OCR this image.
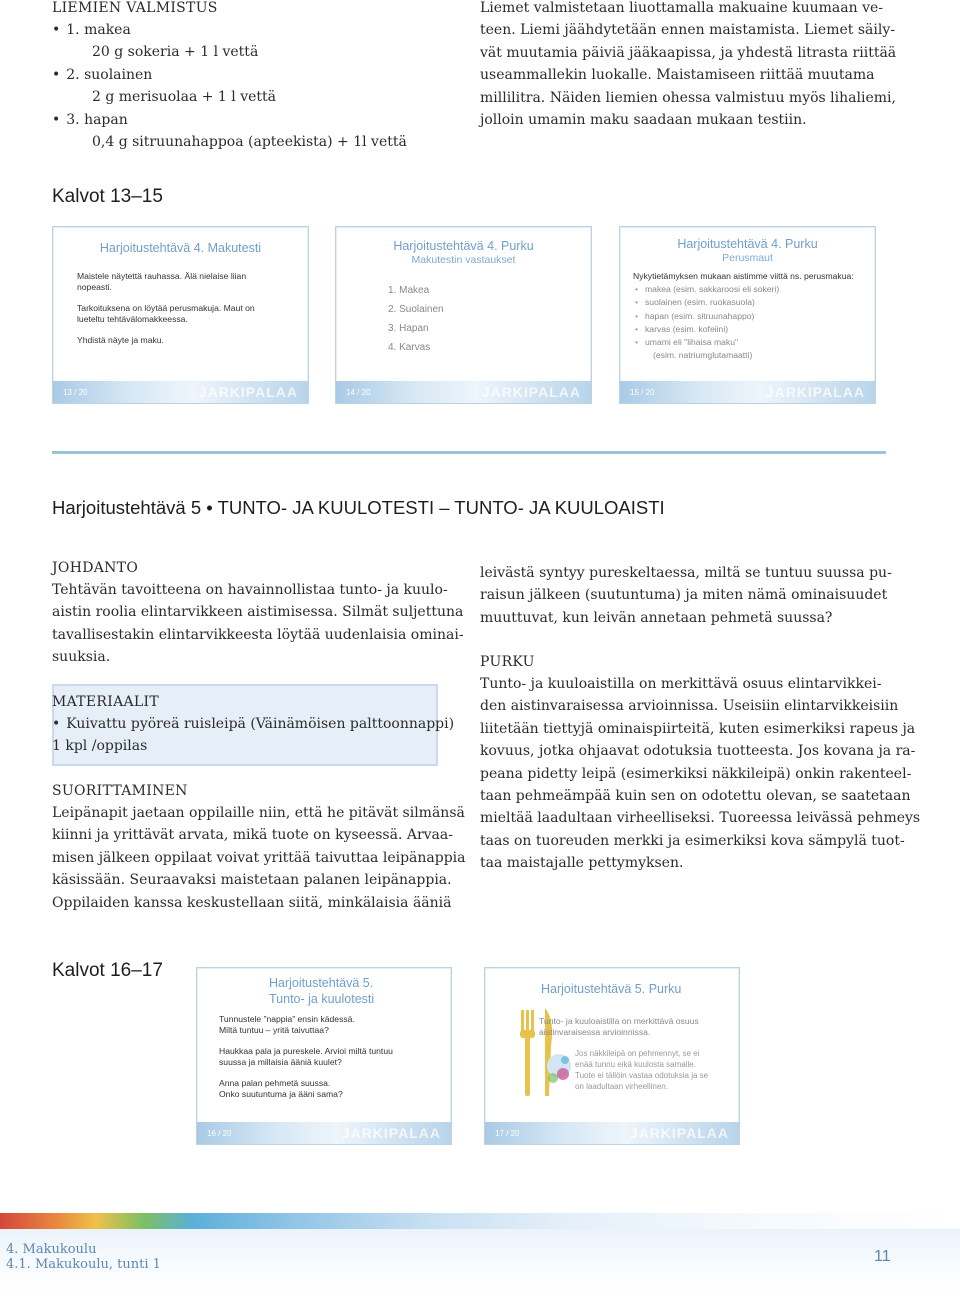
LIEMIEN VALMISTUS
• 1. makea
20 g sokeria + 1 l vettä
• 2. suolainen
2 g merisuolaa + 1 l vettä
• 3. hapan
0,4 g sitruunahappoa (apteekista) + 1l vettä
Liemet valmistetaan liuottamalla makuaine kuumaan ve-
teen. Liemi jäähdytetään ennen maistamista. Liemet säily-
vät muutamia päiviä jääkaapissa, ja yhdestä litrasta riittää
useammallekin luokalle. Maistamiseen riittää muutama
millilitra. Näiden liemien ohessa valmistuu myös lihaliemi,
jolloin umamin maku saadaan mukaan testiin.
Kalvot 13–15
Harjoitustehtävä 4. Makutesti
Maistele näytettä rauhassa. Älä nielaise liian
nopeasti.
Tarkoituksena on löytää perusmakuja. Maut on
lueteltu tehtävälomakkeessa.
Yhdistä näyte ja maku.
13 / 20	JARKIPALAA
Harjoitustehtävä 4. Purku
Makutestin vastaukset
1. Makea
2. Suolainen
3. Hapan
4. Karvas
14 / 20	JARKIPALAA
Harjoitustehtävä 4. Purku
Perusmaut
Nykytietämyksen mukaan aistimme viittä ns. perusmakua:
• makea (esim. sakkaroosi eli sokeri)
• suolainen (esim. ruokasuola)
• hapan (esim. sitruunahappo)
• karvas (esim. kofeiini)
• umami eli "lihaisa maku"
(esim. natriumglutamaatti)
15 / 20	JARKIPALAA
Harjoitustehtävä 5 • TUNTO- JA KUULOTESTI – TUNTO- JA KUULOAISTI
JOHDANTO
Tehtävän tavoitteena on havainnollistaa tunto- ja kuulo-
aistin roolia elintarvikkeen aistimisessa. Silmät suljettuna
tavallisestakin elintarvikkeesta löytää uudenlaisia ominai-
suuksia.
MATERIAALIT
• Kuivattu pyöreä ruisleipä (Väinämöisen palttoonnappi)
1 kpl /oppilas
SUORITTAMINEN
Leipänapit jaetaan oppilaille niin, että he pitävät silmänsä
kiinni ja yrittävät arvata, mikä tuote on kyseessä. Arvaa-
misen jälkeen oppilaat voivat yrittää taivuttaa leipänappia
käsissään. Seuraavaksi maistetaan palanen leipänappia.
Oppilaiden kanssa keskustellaan siitä, minkälaisia ääniä
leivästä syntyy pureskeltaessa, miltä se tuntuu suussa pu-
raisun jälkeen (suutuntuma) ja miten nämä ominaisuudet
muuttuvat, kun leivän annetaan pehmetä suussa?
PURKU
Tunto- ja kuuloaistilla on merkittävä osuus elintarvikkei-
den aistinvaraisessa arvioinnissa. Useisiin elintarvikkeisiin
liitetään tiettyjä ominaispiirteitä, kuten esimerkiksi rapeus ja
kovuus, jotka ohjaavat odotuksia tuotteesta. Jos kovana ja ra-
peana pidetty leipä (esimerkiksi näkkileipä) onkin rakenteel-
taan pehmeämpää kuin sen on odotettu olevan, se saatetaan
mieltää laadultaan virheelliseksi. Tuoreessa leivässä pehmeys
taas on tuoreuden merkki ja esimerkiksi kova sämpylä tuot-
taa maistajalle pettymyksen.
Kalvot 16–17
Harjoitustehtävä 5.
Tunto- ja kuulotesti
Tunnustele ”nappia” ensin kädessä.
Miltä tuntuu – yritä taivuttaa?
Haukkaa pala ja pureskele. Arvioi miltä tuntuu
suussa ja millaisia ääniä kuulet?
Anna palan pehmetä suussa.
Onko suutuntuma ja ääni sama?
16 / 20	JARKIPALAA
Harjoitustehtävä 5. Purku
Tunto- ja kuuloaistilla on merkittävä osuus
aistinvaraisessa arvioinnissa.
Jos näkkileipä on pehmennyt, se ei
enää tunnu eikä kuulosta samalle.
Tuote ei tällöin vastaa odotuksia ja se
on laadultaan virheellinen.
17 / 20	JARKIPALAA
4. Makukoulu
4.1. Makukoulu, tunti 1	11
